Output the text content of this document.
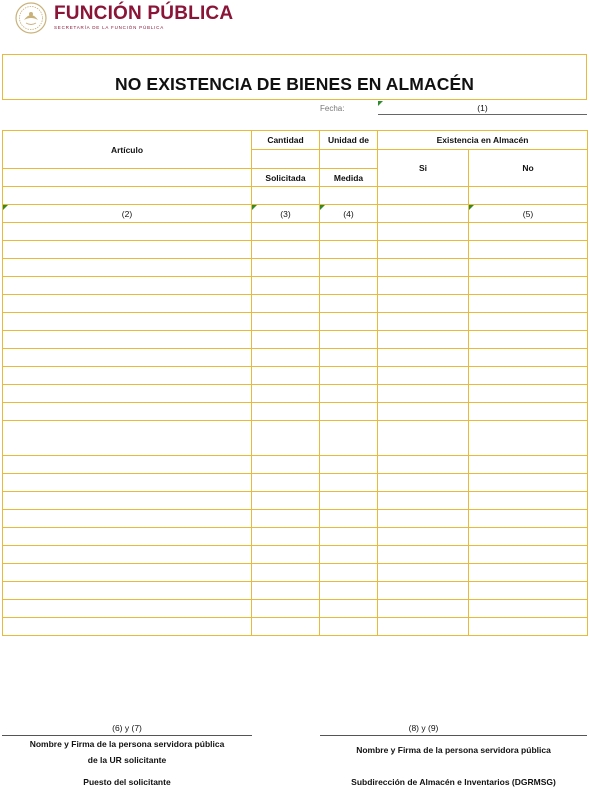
FUNCIÓN PÚBLICA
SECRETARÍA DE LA FUNCIÓN PÚBLICA
NO EXISTENCIA DE BIENES EN ALMACÉN
Fecha:	(1)
Artículo	Cantidad	Unidad de	Existencia en Almacén	
			Si	No

	Solicitada	Medida		

(2)	(3)	(4)		(5)

(6) y (7)
Nombre y Firma de la persona servidora pública
de la UR solicitante
Puesto del solicitante
(8) y (9)
Nombre y Firma de la persona servidora pública
Subdirección de Almacén e Inventarios (DGRMSG)
